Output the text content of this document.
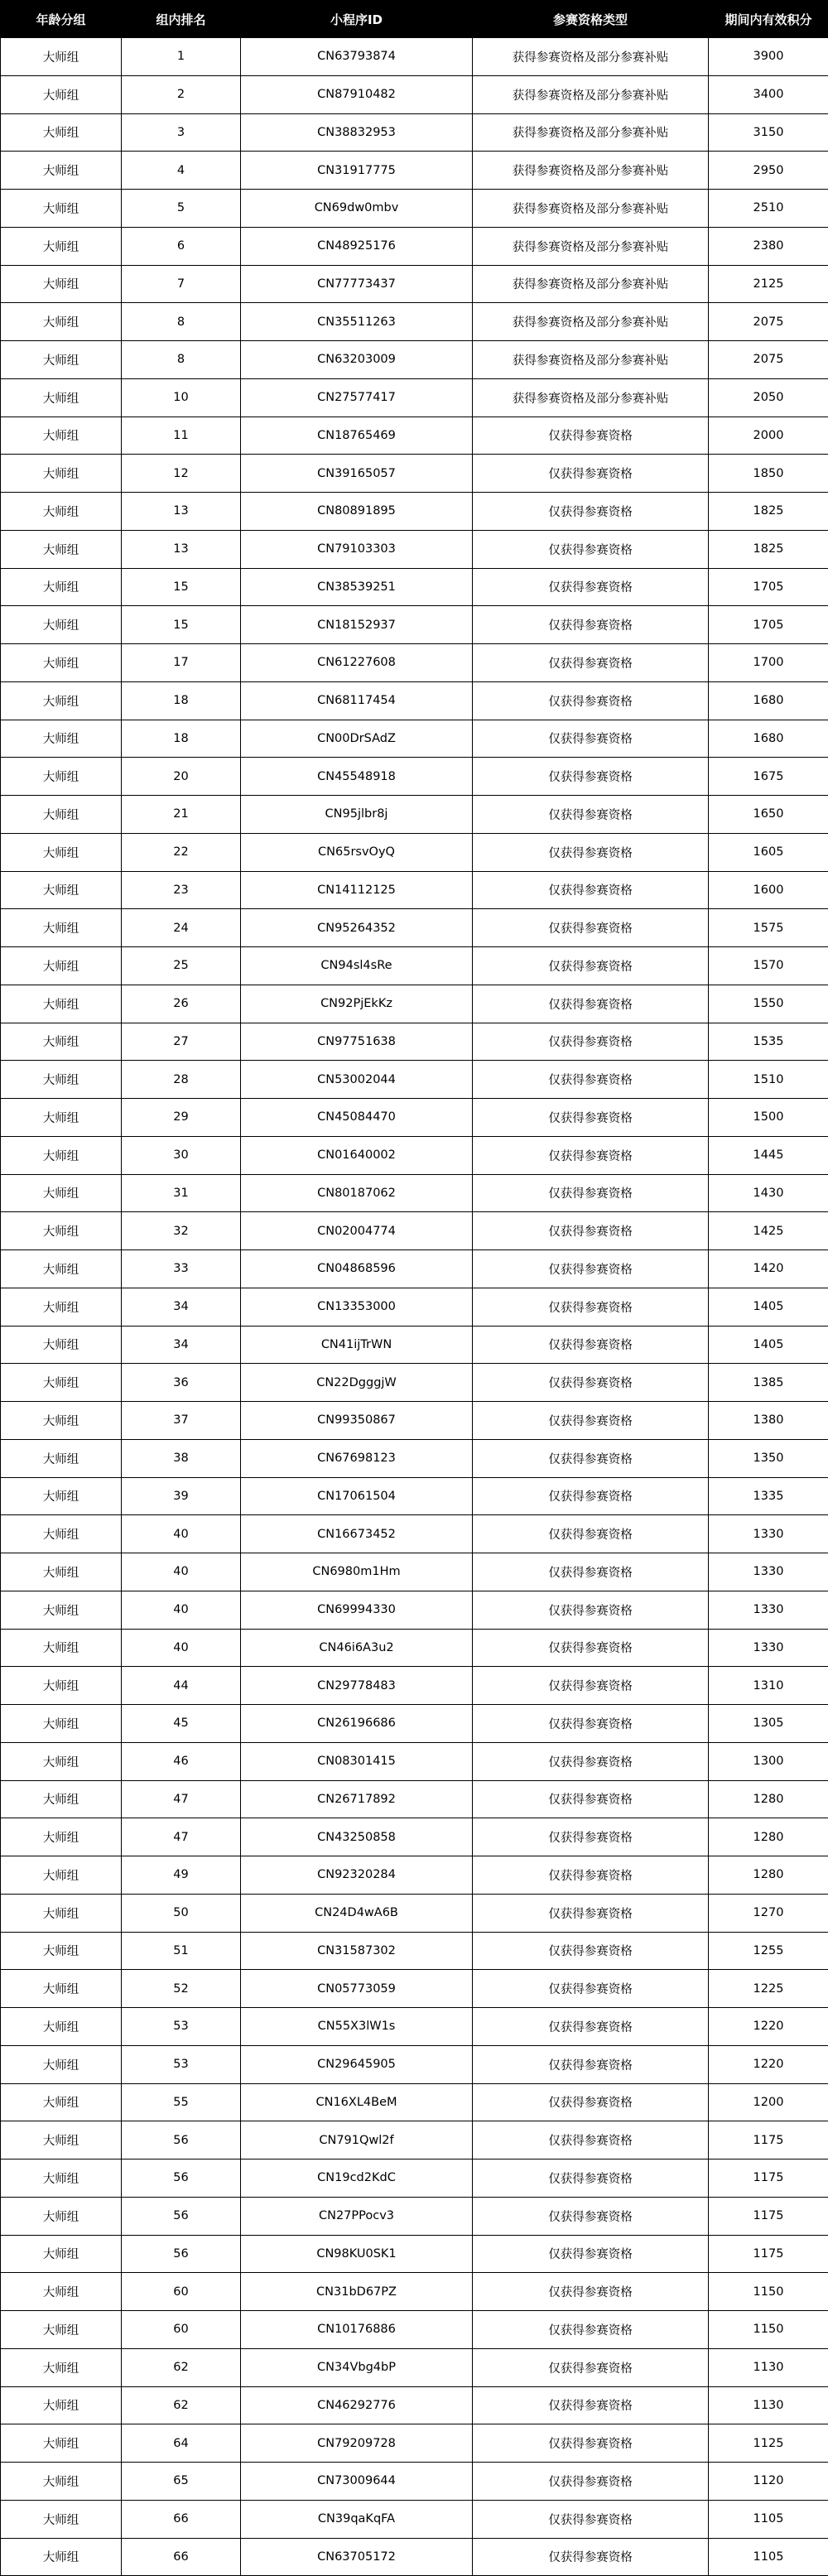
年龄分组	组内排名	小程序ID	参赛资格类型	期间内有效积分
大师组	1	CN63793874	获得参赛资格及部分参赛补贴	3900
大师组	2	CN87910482	获得参赛资格及部分参赛补贴	3400
大师组	3	CN38832953	获得参赛资格及部分参赛补贴	3150
大师组	4	CN31917775	获得参赛资格及部分参赛补贴	2950
大师组	5	CN69dw0mbv	获得参赛资格及部分参赛补贴	2510
大师组	6	CN48925176	获得参赛资格及部分参赛补贴	2380
大师组	7	CN77773437	获得参赛资格及部分参赛补贴	2125
大师组	8	CN35511263	获得参赛资格及部分参赛补贴	2075
大师组	8	CN63203009	获得参赛资格及部分参赛补贴	2075
大师组	10	CN27577417	获得参赛资格及部分参赛补贴	2050
大师组	11	CN18765469	仅获得参赛资格	2000
大师组	12	CN39165057	仅获得参赛资格	1850
大师组	13	CN80891895	仅获得参赛资格	1825
大师组	13	CN79103303	仅获得参赛资格	1825
大师组	15	CN38539251	仅获得参赛资格	1705
大师组	15	CN18152937	仅获得参赛资格	1705
大师组	17	CN61227608	仅获得参赛资格	1700
大师组	18	CN68117454	仅获得参赛资格	1680
大师组	18	CN00DrSAdZ	仅获得参赛资格	1680
大师组	20	CN45548918	仅获得参赛资格	1675
大师组	21	CN95jlbr8j	仅获得参赛资格	1650
大师组	22	CN65rsvOyQ	仅获得参赛资格	1605
大师组	23	CN14112125	仅获得参赛资格	1600
大师组	24	CN95264352	仅获得参赛资格	1575
大师组	25	CN94sl4sRe	仅获得参赛资格	1570
大师组	26	CN92PjEkKz	仅获得参赛资格	1550
大师组	27	CN97751638	仅获得参赛资格	1535
大师组	28	CN53002044	仅获得参赛资格	1510
大师组	29	CN45084470	仅获得参赛资格	1500
大师组	30	CN01640002	仅获得参赛资格	1445
大师组	31	CN80187062	仅获得参赛资格	1430
大师组	32	CN02004774	仅获得参赛资格	1425
大师组	33	CN04868596	仅获得参赛资格	1420
大师组	34	CN13353000	仅获得参赛资格	1405
大师组	34	CN41ijTrWN	仅获得参赛资格	1405
大师组	36	CN22DgggjW	仅获得参赛资格	1385
大师组	37	CN99350867	仅获得参赛资格	1380
大师组	38	CN67698123	仅获得参赛资格	1350
大师组	39	CN17061504	仅获得参赛资格	1335
大师组	40	CN16673452	仅获得参赛资格	1330
大师组	40	CN6980m1Hm	仅获得参赛资格	1330
大师组	40	CN69994330	仅获得参赛资格	1330
大师组	40	CN46i6A3u2	仅获得参赛资格	1330
大师组	44	CN29778483	仅获得参赛资格	1310
大师组	45	CN26196686	仅获得参赛资格	1305
大师组	46	CN08301415	仅获得参赛资格	1300
大师组	47	CN26717892	仅获得参赛资格	1280
大师组	47	CN43250858	仅获得参赛资格	1280
大师组	49	CN92320284	仅获得参赛资格	1280
大师组	50	CN24D4wA6B	仅获得参赛资格	1270
大师组	51	CN31587302	仅获得参赛资格	1255
大师组	52	CN05773059	仅获得参赛资格	1225
大师组	53	CN55X3lW1s	仅获得参赛资格	1220
大师组	53	CN29645905	仅获得参赛资格	1220
大师组	55	CN16XL4BeM	仅获得参赛资格	1200
大师组	56	CN791Qwl2f	仅获得参赛资格	1175
大师组	56	CN19cd2KdC	仅获得参赛资格	1175
大师组	56	CN27PPocv3	仅获得参赛资格	1175
大师组	56	CN98KU0SK1	仅获得参赛资格	1175
大师组	60	CN31bD67PZ	仅获得参赛资格	1150
大师组	60	CN10176886	仅获得参赛资格	1150
大师组	62	CN34Vbg4bP	仅获得参赛资格	1130
大师组	62	CN46292776	仅获得参赛资格	1130
大师组	64	CN79209728	仅获得参赛资格	1125
大师组	65	CN73009644	仅获得参赛资格	1120
大师组	66	CN39qaKqFA	仅获得参赛资格	1105
大师组	66	CN63705172	仅获得参赛资格	1105
